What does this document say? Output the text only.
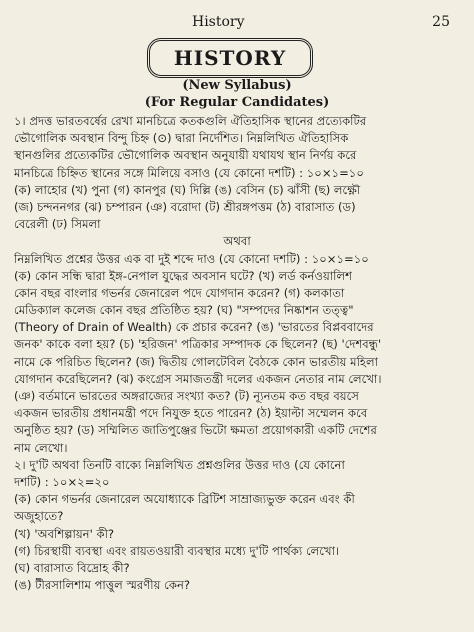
History	25
HISTORY
(New Syllabus)
(For Regular Candidates)
১। প্রদত্ত ভারতবর্ষের রেখা মানচিত্রে কতকগুলি ঐতিহাসিক স্থানের প্রত্যেকটির
ভৌগোলিক অবস্থান বিন্দু চিহ্ন (⊙) দ্বারা নির্দেশিত। নিম্নলিখিত ঐতিহাসিক
স্থানগুলির প্রত্যেকটির ভৌগোলিক অবস্থান অনুযায়ী যথাযথ স্থান নির্ণয় করে
মানচিত্রে চিহ্নিত স্থানের সঙ্গে মিলিয়ে বসাও (যে কোনো দশটি) : ১০×১=১০
(ক) লাহোর (খ) পুনা (গ) কানপুর (ঘ) দিল্লি (ঙ) বেসিন (চ) ঝাঁসী (ছ) লক্ষ্ণৌ
(জ) চন্দননগর (ঝ) চম্পারন (ঞ) বরোদা (ট) শ্রীরঙ্গপত্তম (ঠ) বারাসাত (ড)
বেরেলী (ঢ) সিমলা
অথবা
নিম্নলিখিত প্রশ্নের উত্তর এক বা দুই শব্দে দাও (যে কোনো দশটি) : ১০×১=১০
(ক) কোন সন্ধি দ্বারা ইঙ্গ-নেপাল যুদ্ধের অবসান ঘটে? (খ) লর্ড কর্নওয়ালিশ
কোন বছর বাংলার গভর্নর জেনারেল পদে যোগদান করেন? (গ) কলকাতা
মেডিক্যাল কলেজ কোন বছর প্রতিষ্ঠিত হয়? (ঘ) "সম্পদের নিষ্কাশন তত্ত্ব"
(Theory of Drain of Wealth) কে প্রচার করেন? (ঙ) 'ভারতের বিপ্লববাদের
জনক' কাকে বলা হয়? (চ) 'হরিজন' পত্রিকার সম্পাদক কে ছিলেন? (ছ) 'দেশবন্ধু'
নামে কে পরিচিত ছিলেন? (জ) দ্বিতীয় গোলটেবিল বৈঠকে কোন ভারতীয় মহিলা
যোগদান করেছিলেন? (ঝ) কংগ্রেস সমাজতন্ত্রী দলের একজন নেতার নাম লেখো।
(ঞ) বর্তমানে ভারতের অঙ্গরাজ্যের সংখ্যা কত? (ট) ন্যূনতম কত বছর বয়সে
একজন ভারতীয় প্রধানমন্ত্রী পদে নিযুক্ত হতে পারেন? (ঠ) ইয়াল্টা সম্মেলন কবে
অনুষ্ঠিত হয়? (ড) সম্মিলিত জাতিপুঞ্জের ভিটো ক্ষমতা প্রয়োগকারী একটি দেশের
নাম লেখো।
২। দু'টি অথবা তিনটি বাক্যে নিম্নলিখিত প্রশ্নগুলির উত্তর দাও (যে কোনো
দশটি) : ১০×২=২০
(ক) কোন গভর্নর জেনারেল অযোধ্যাকে ব্রিটিশ সাম্রাজ্যভুক্ত করেন এবং কী
অজুহাতে?
(খ) 'অবশিল্পায়ন' কী?
(গ) চিরস্থায়ী ব্যবস্থা এবং রায়তওয়ারী ব্যবস্থার মধ্যে দু'টি পার্থক্য লেখো।
(ঘ) বারাসাত বিদ্রোহ কী?
(ঙ) টীরসালিশাম পাত্তুল স্মরণীয় কেন?
